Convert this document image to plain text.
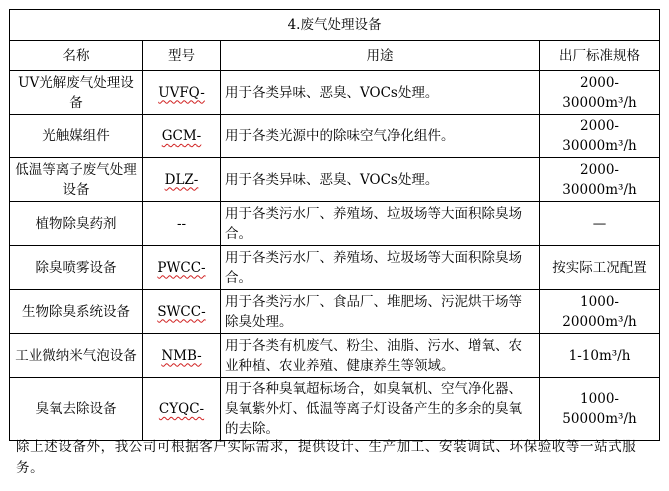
4.废气处理设备			
名称	型号	用途	出厂标准规格
UV光解废气处理设备	UVFQ-	用于各类异味、恶臭、VOCs处理。	2000-30000m³/h
光触媒组件	GCM-	用于各类光源中的除味空气净化组件。	2000-30000m³/h
低温等离子废气处理设备	DLZ-	用于各类异味、恶臭、VOCs处理。	2000-30000m³/h
植物除臭药剂	--	用于各类污水厂、养殖场、垃圾场等大面积除臭场合。	—
除臭喷雾设备	PWCC-	用于各类污水厂、养殖场、垃圾场等大面积除臭场合。	按实际工况配置
生物除臭系统设备	SWCC-	用于各类污水厂、食品厂、堆肥场、污泥烘干场等除臭处理。	1000-20000m³/h
工业微纳米气泡设备	NMB-	用于各类有机废气、粉尘、油脂、污水、增氧、农业种植、农业养殖、健康养生等领域。	1-10m³/h
臭氧去除设备	CYQC-	用于各种臭氧超标场合，如臭氧机、空气净化器、臭氧紫外灯、低温等离子灯设备产生的多余的臭氧的去除。	1000-50000m³/h
除上述设备外，我公司可根据客户实际需求，提供设计、生产加工、安装调试、环保验收等一站式服务。
